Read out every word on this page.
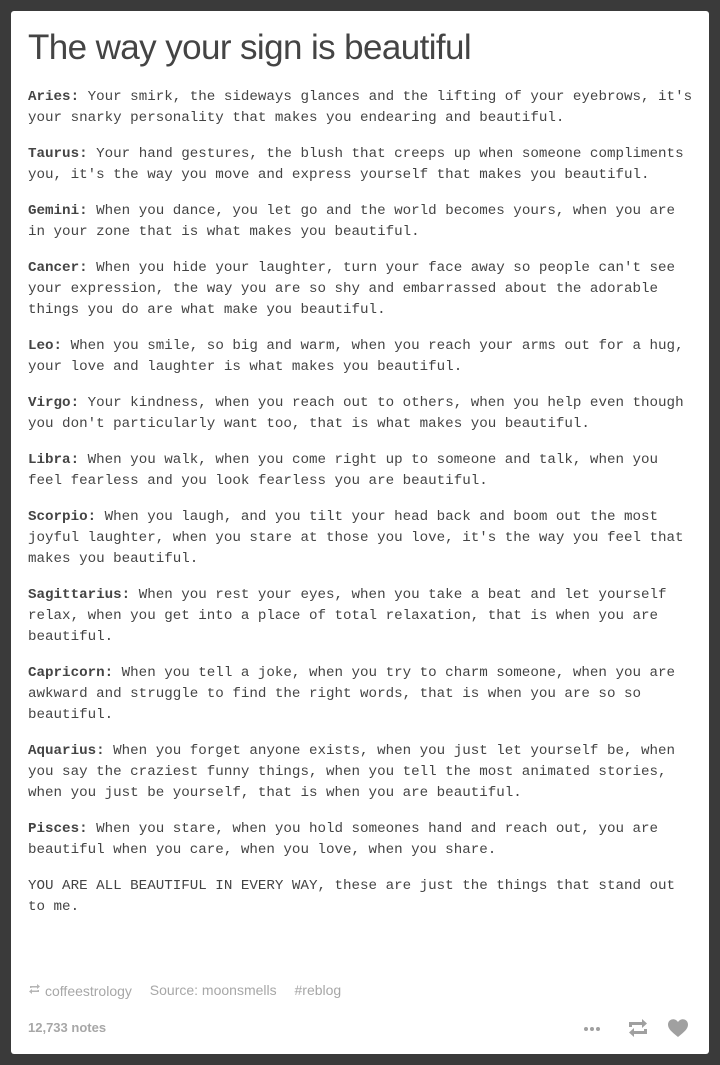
The way your sign is beautiful

Aries: Your smirk, the sideways glances and the lifting of your eyebrows, it's your snarky personality that makes you endearing and beautiful.

Taurus: Your hand gestures, the blush that creeps up when someone compliments you, it's the way you move and express yourself that makes you beautiful.

Gemini: When you dance, you let go and the world becomes yours, when you are in your zone that is what makes you beautiful.

Cancer: When you hide your laughter, turn your face away so people can't see your expression, the way you are so shy and embarrassed about the adorable things you do are what make you beautiful.

Leo: When you smile, so big and warm, when you reach your arms out for a hug, your love and laughter is what makes you beautiful.

Virgo: Your kindness, when you reach out to others, when you help even though you don't particularly want too, that is what makes you beautiful.

Libra: When you walk, when you come right up to someone and talk, when you feel fearless and you look fearless you are beautiful.

Scorpio: When you laugh, and you tilt your head back and boom out the most joyful laughter, when you stare at those you love, it's the way you feel that makes you beautiful.

Sagittarius: When you rest your eyes, when you take a beat and let yourself relax, when you get into a place of total relaxation, that is when you are beautiful.

Capricorn: When you tell a joke, when you try to charm someone, when you are awkward and struggle to find the right words, that is when you are so so beautiful.

Aquarius: When you forget anyone exists, when you just let yourself be, when you say the craziest funny things, when you tell the most animated stories, when you just be yourself, that is when you are beautiful.

Pisces: When you stare, when you hold someones hand and reach out, you are beautiful when you care, when you love, when you share.

YOU ARE ALL BEAUTIFUL IN EVERY WAY, these are just the things that stand out to me.

coffeestrology Source: moonsmells #reblog
12,733 notes
